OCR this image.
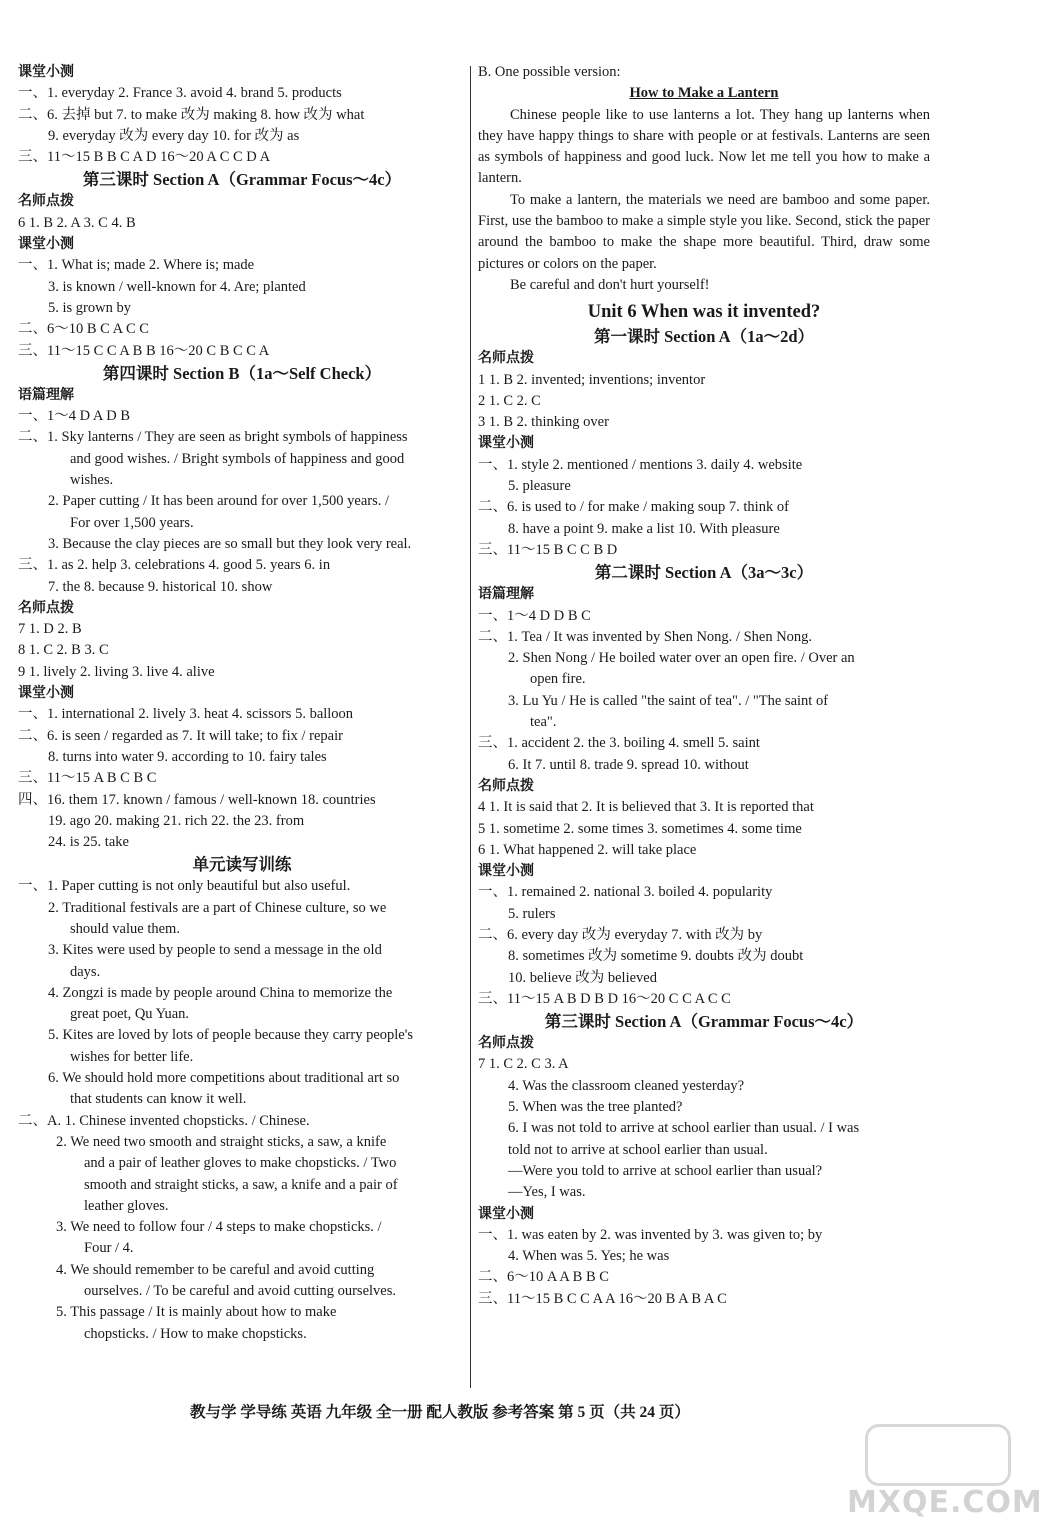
课堂小测
一、1. everyday 2. France 3. avoid 4. brand 5. products
二、6. 去掉 but 7. to make 改为 making 8. how 改为 what
9. everyday 改为 every day 10. for 改为 as
三、11～15 B B C A D 16～20 A C C D A
第三课时 Section A（Grammar Focus～4c）
名师点拨
6 1. B 2. A 3. C 4. B
课堂小测
一、1. What is; made 2. Where is; made
3. is known / well-known for 4. Are; planted
5. is grown by
二、6～10 B C A C C
三、11～15 C C A B B 16～20 C B C C A
第四课时 Section B（1a～Self Check）
语篇理解
一、1～4 D A D B
二、1. Sky lanterns / They are seen as bright symbols of happiness
and good wishes. / Bright symbols of happiness and good
wishes.
2. Paper cutting / It has been around for over 1,500 years. /
For over 1,500 years.
3. Because the clay pieces are so small but they look very real.
三、1. as 2. help 3. celebrations 4. good 5. years 6. in
7. the 8. because 9. historical 10. show
名师点拨
7 1. D 2. B
8 1. C 2. B 3. C
9 1. lively 2. living 3. live 4. alive
课堂小测
一、1. international 2. lively 3. heat 4. scissors 5. balloon
二、6. is seen / regarded as 7. It will take; to fix / repair
8. turns into water 9. according to 10. fairy tales
三、11～15 A B C B C
四、16. them 17. known / famous / well-known 18. countries
19. ago 20. making 21. rich 22. the 23. from
24. is 25. take
单元读写训练
一、1. Paper cutting is not only beautiful but also useful.
2. Traditional festivals are a part of Chinese culture, so we
should value them.
3. Kites were used by people to send a message in the old
days.
4. Zongzi is made by people around China to memorize the
great poet, Qu Yuan.
5. Kites are loved by lots of people because they carry people's
wishes for better life.
6. We should hold more competitions about traditional art so
that students can know it well.
二、A. 1. Chinese invented chopsticks. / Chinese.
2. We need two smooth and straight sticks, a saw, a knife
and a pair of leather gloves to make chopsticks. / Two
smooth and straight sticks, a saw, a knife and a pair of
leather gloves.
3. We need to follow four / 4 steps to make chopsticks. /
Four / 4.
4. We should remember to be careful and avoid cutting
ourselves. / To be careful and avoid cutting ourselves.
5. This passage / It is mainly about how to make
chopsticks. / How to make chopsticks.
B. One possible version:
How to Make a Lantern
Chinese people like to use lanterns a lot. They hang up lanterns when they have happy things to share with people or at festivals. Lanterns are seen as symbols of happiness and good luck. Now let me tell you how to make a lantern.
To make a lantern, the materials we need are bamboo and some paper. First, use the bamboo to make a simple style you like. Second, stick the paper around the bamboo to make the shape more beautiful. Third, draw some pictures or colors on the paper.
Be careful and don't hurt yourself!
Unit 6 When was it invented?
第一课时 Section A（1a～2d）
名师点拨
1 1. B 2. invented; inventions; inventor
2 1. C 2. C
3 1. B 2. thinking over
课堂小测
一、1. style 2. mentioned / mentions 3. daily 4. website
5. pleasure
二、6. is used to / for make / making soup 7. think of
8. have a point 9. make a list 10. With pleasure
三、11～15 B C C B D
第二课时 Section A（3a～3c）
语篇理解
一、1～4 D D B C
二、1. Tea / It was invented by Shen Nong. / Shen Nong.
2. Shen Nong / He boiled water over an open fire. / Over an
open fire.
3. Lu Yu / He is called "the saint of tea". / "The saint of
tea".
三、1. accident 2. the 3. boiling 4. smell 5. saint
6. It 7. until 8. trade 9. spread 10. without
名师点拨
4 1. It is said that 2. It is believed that 3. It is reported that
5 1. sometime 2. some times 3. sometimes 4. some time
6 1. What happened 2. will take place
课堂小测
一、1. remained 2. national 3. boiled 4. popularity
5. rulers
二、6. every day 改为 everyday 7. with 改为 by
8. sometimes 改为 sometime 9. doubts 改为 doubt
10. believe 改为 believed
三、11～15 A B D B D 16～20 C C A C C
第三课时 Section A（Grammar Focus～4c）
名师点拨
7 1. C 2. C 3. A
4. Was the classroom cleaned yesterday?
5. When was the tree planted?
6. I was not told to arrive at school earlier than usual. / I was
told not to arrive at school earlier than usual.
—Were you told to arrive at school earlier than usual?
—Yes, I was.
课堂小测
一、1. was eaten by 2. was invented by 3. was given to; by
4. When was 5. Yes; he was
二、6～10 A A B B C
三、11～15 B C C A A 16～20 B A B A C
教与学 学导练 英语 九年级 全一册 配人教版 参考答案 第 5 页（共 24 页）
MXQE.COM
